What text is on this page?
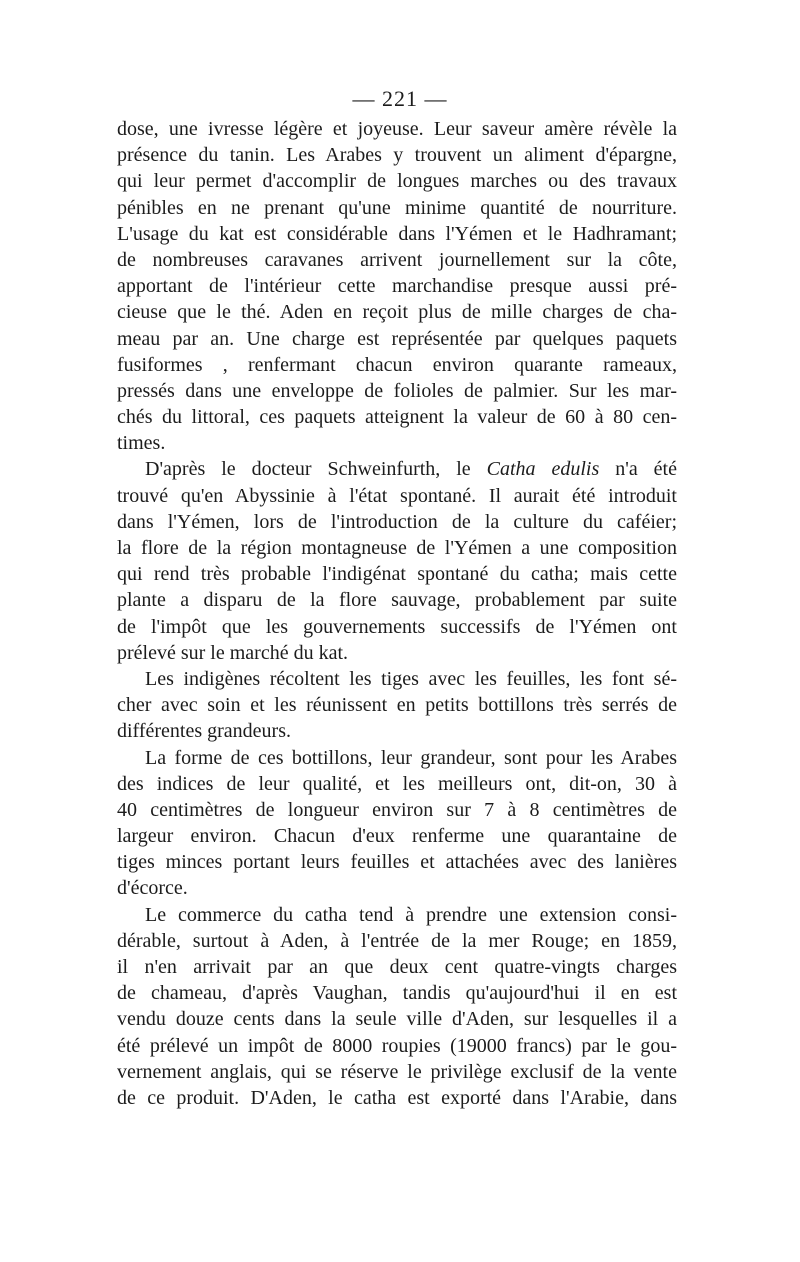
— 221 —
dose, une ivresse légère et joyeuse. Leur saveur amère révèle la
présence du tanin. Les Arabes y trouvent un aliment d'épargne,
qui leur permet d'accomplir de longues marches ou des travaux
pénibles en ne prenant qu'une minime quantité de nourriture.
L'usage du kat est considérable dans l'Yémen et le Hadhramant;
de nombreuses caravanes arrivent journellement sur la côte,
apportant de l'intérieur cette marchandise presque aussi pré-
cieuse que le thé. Aden en reçoit plus de mille charges de cha-
meau par an. Une charge est représentée par quelques paquets
fusiformes , renfermant chacun environ quarante rameaux,
pressés dans une enveloppe de folioles de palmier. Sur les mar-
chés du littoral, ces paquets atteignent la valeur de 60 à 80 cen-
times.
D'après le docteur Schweinfurth, le Catha edulis n'a été
trouvé qu'en Abyssinie à l'état spontané. Il aurait été introduit
dans l'Yémen, lors de l'introduction de la culture du caféier;
la flore de la région montagneuse de l'Yémen a une composition
qui rend très probable l'indigénat spontané du catha; mais cette
plante a disparu de la flore sauvage, probablement par suite
de l'impôt que les gouvernements successifs de l'Yémen ont
prélevé sur le marché du kat.
Les indigènes récoltent les tiges avec les feuilles, les font sé-
cher avec soin et les réunissent en petits bottillons très serrés de
différentes grandeurs.
La forme de ces bottillons, leur grandeur, sont pour les Arabes
des indices de leur qualité, et les meilleurs ont, dit-on, 30 à
40 centimètres de longueur environ sur 7 à 8 centimètres de
largeur environ. Chacun d'eux renferme une quarantaine de
tiges minces portant leurs feuilles et attachées avec des lanières
d'écorce.
Le commerce du catha tend à prendre une extension consi-
dérable, surtout à Aden, à l'entrée de la mer Rouge; en 1859,
il n'en arrivait par an que deux cent quatre-vingts charges
de chameau, d'après Vaughan, tandis qu'aujourd'hui il en est
vendu douze cents dans la seule ville d'Aden, sur lesquelles il a
été prélevé un impôt de 8000 roupies (19000 francs) par le gou-
vernement anglais, qui se réserve le privilège exclusif de la vente
de ce produit. D'Aden, le catha est exporté dans l'Arabie, dans
